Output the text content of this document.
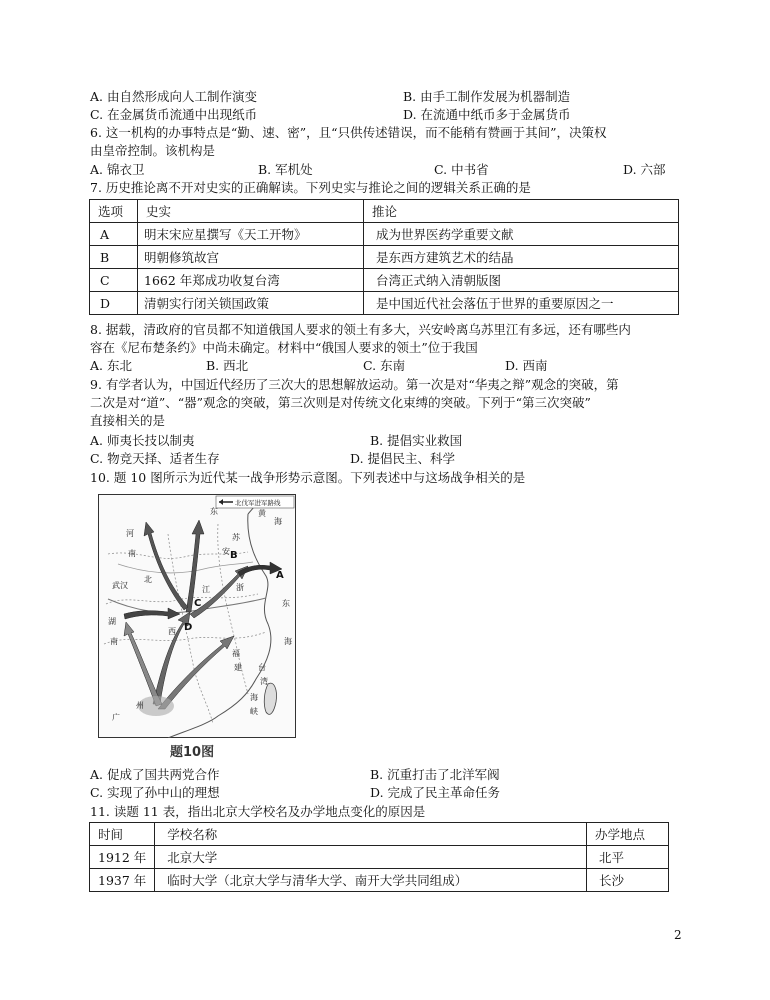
A. 由自然形成向人工制作演变	B. 由手工制作发展为机器制造
C. 在金属货币流通中出现纸币	D. 在流通中纸币多于金属货币
6. 这一机构的办事特点是“勤、速、密”，且“只供传述错误，而不能稍有赞画于其间”，决策权
由皇帝控制。该机构是
A. 锦衣卫	B. 军机处	C. 中书省	D. 六部
7. 历史推论离不开对史实的正确解读。下列史实与推论之间的逻辑关系正确的是
选项	史实	推论
A	明末宋应星撰写《天工开物》	成为世界医药学重要文献
B	明朝修筑故宫	是东西方建筑艺术的结晶
C	1662 年郑成功收复台湾	台湾正式纳入清朝版图
D	清朝实行闭关锁国政策	是中国近代社会落伍于世界的重要原因之一
8. 据载，清政府的官员都不知道俄国人要求的领土有多大，兴安岭离乌苏里江有多远，还有哪些内
容在《尼布楚条约》中尚未确定。材料中“俄国人要求的领土”位于我国
A. 东北	B. 西北	C. 东南	D. 西南
9. 有学者认为，中国近代经历了三次大的思想解放运动。第一次是对“华夷之辩”观念的突破，第
二次是对“道”、“器”观念的突破，第三次则是对传统文化束缚的突破。下列于“第三次突破”
直接相关的是
A. 师夷长技以制夷	B. 提倡实业救国
C. 物竞天择、适者生存	D. 提倡民主、科学
10. 题 10 图所示为近代某一战争形势示意图。下列表述中与这场战争相关的是
北伐军进军路线
东	黄
海
河
南	安
北
苏
武汉	江	浙
东
海
湖
南
西
福
建 台
湾
海
峡
广
州
A
B
C
D
题10图
A. 促成了国共两党合作	B. 沉重打击了北洋军阀
C. 实现了孙中山的理想	D. 完成了民主革命任务
11. 读题 11 表，指出北京大学校名及办学地点变化的原因是
时间	学校名称	办学地点
1912 年	北京大学	北平
1937 年	临时大学（北京大学与清华大学、南开大学共同组成）	长沙
2
